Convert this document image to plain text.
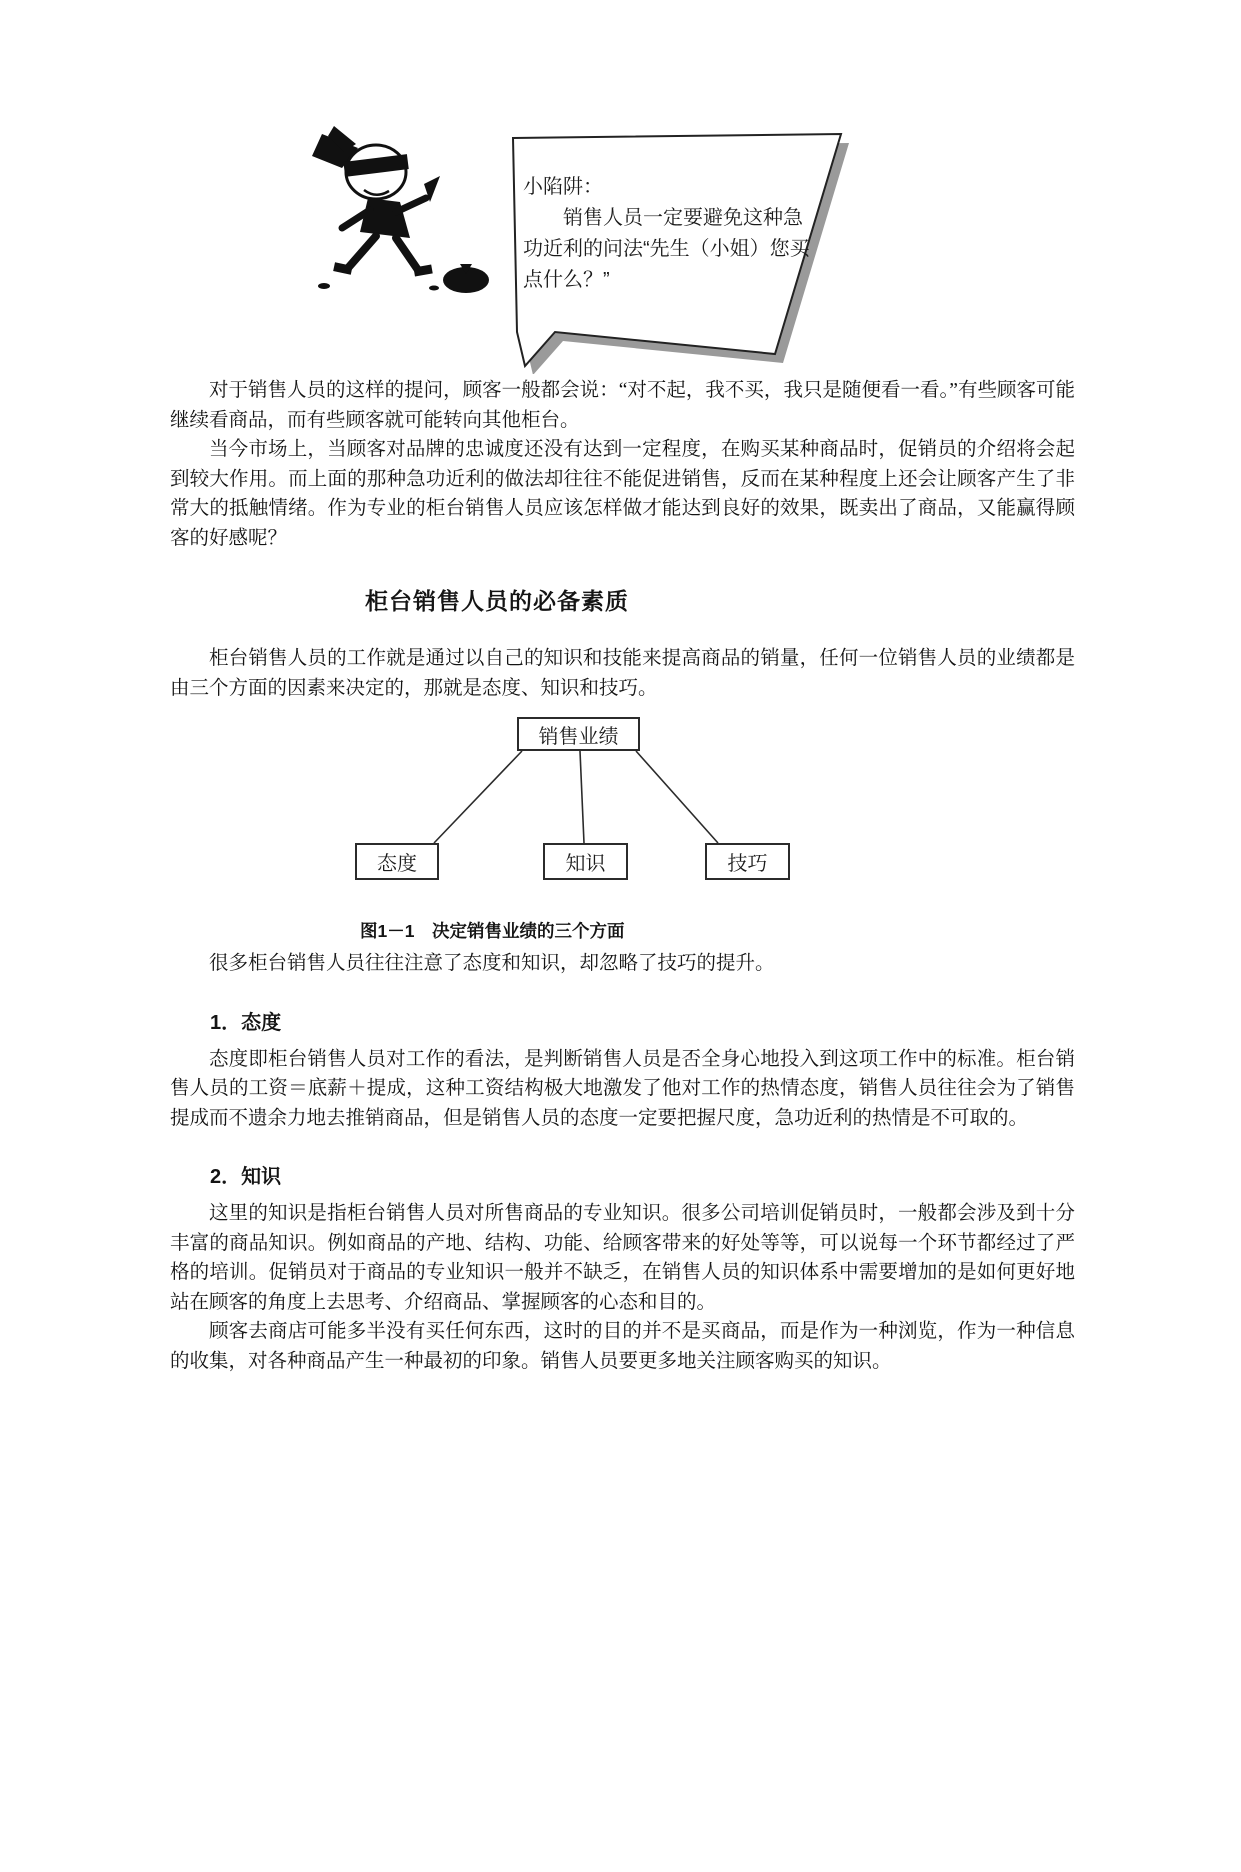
小陷阱：
销售人员一定要避免这种急功近利的问法“先生（小姐）您买点什么？”

对于销售人员的这样的提问，顾客一般都会说：“对不起，我不买，我只是随便看一看。”有些顾客可能继续看商品，而有些顾客就可能转向其他柜台。

当今市场上，当顾客对品牌的忠诚度还没有达到一定程度，在购买某种商品时，促销员的介绍将会起到较大作用。而上面的那种急功近利的做法却往往不能促进销售，反而在某种程度上还会让顾客产生了非常大的抵触情绪。作为专业的柜台销售人员应该怎样做才能达到良好的效果，既卖出了商品，又能赢得顾客的好感呢？

柜台销售人员的必备素质

柜台销售人员的工作就是通过以自己的知识和技能来提高商品的销量，任何一位销售人员的业绩都是由三个方面的因素来决定的，那就是态度、知识和技巧。

销售业绩
态度	知识	技巧
图1－1　决定销售业绩的三个方面

很多柜台销售人员往往注意了态度和知识，却忽略了技巧的提升。

1．态度

态度即柜台销售人员对工作的看法，是判断销售人员是否全身心地投入到这项工作中的标准。柜台销售人员的工资＝底薪＋提成，这种工资结构极大地激发了他对工作的热情态度，销售人员往往会为了销售提成而不遗余力地去推销商品，但是销售人员的态度一定要把握尺度，急功近利的热情是不可取的。

2．知识

这里的知识是指柜台销售人员对所售商品的专业知识。很多公司培训促销员时，一般都会涉及到十分丰富的商品知识。例如商品的产地、结构、功能、给顾客带来的好处等等，可以说每一个环节都经过了严格的培训。促销员对于商品的专业知识一般并不缺乏，在销售人员的知识体系中需要增加的是如何更好地站在顾客的角度上去思考、介绍商品、掌握顾客的心态和目的。

顾客去商店可能多半没有买任何东西，这时的目的并不是买商品，而是作为一种浏览，作为一种信息的收集，对各种商品产生一种最初的印象。销售人员要更多地关注顾客购买的知识。
